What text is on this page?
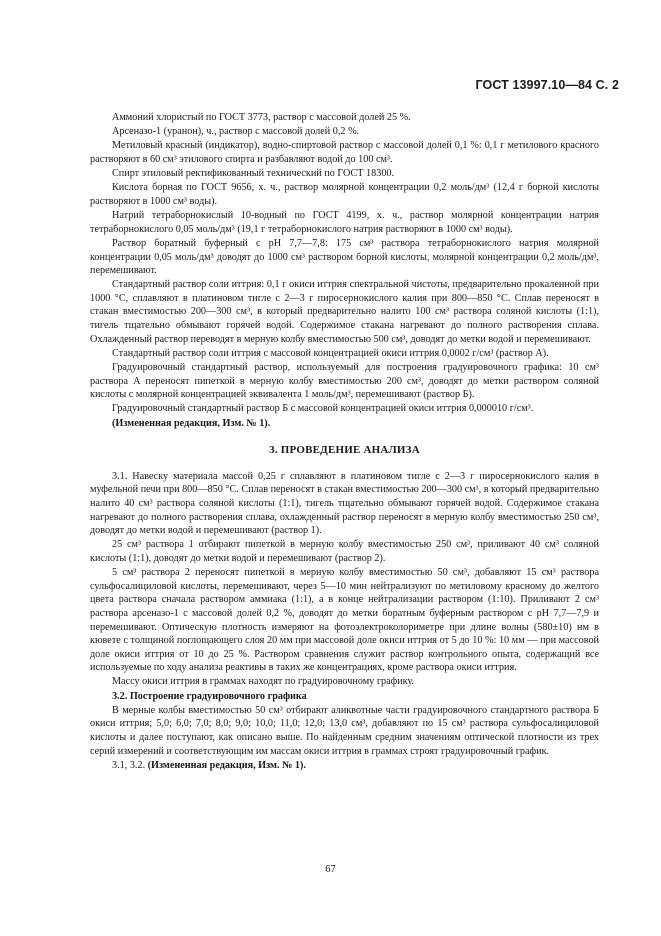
ГОСТ 13997.10—84 С. 2

Аммоний хлористый по ГОСТ 3773, раствор с массовой долей 25 %.

Арсеназо-1 (уранон), ч., раствор с массовой долей 0,2 %.

Метиловый красный (индикатор), водно-спиртовой раствор с массовой долей 0,1 %: 0,1 г метилового красного растворяют в 60 см³ этилового спирта и разбавляют водой до 100 см³.

Спирт этиловый ректификованный технический по ГОСТ 18300.

Кислота борная по ГОСТ 9656, х. ч., раствор молярной концентрации 0,2 моль/дм³ (12,4 г борной кислоты растворяют в 1000 см³ воды).

Натрий тетраборнокислый 10-водный по ГОСТ 4199, х. ч., раствор молярной концентрации натрия тетраборнокислого 0,05 моль/дм³ (19,1 г тетраборнокислого натрия растворяют в 1000 см³ воды).

Раствор боратный буферный с рН 7,7—7,8: 175 см³ раствора тетраборнокислого натрия молярной концентрации 0,05 моль/дм³ доводят до 1000 см³ раствором борной кислоты, молярной концентрации 0,2 моль/дм³, перемешивают.

Стандартный раствор соли иттрия: 0,1 г окиси иттрия спектральной чистоты, предварительно прокаленной при 1000 °С, сплавляют в платиновом тигле с 2—3 г пиросернокислого калия при 800—850 °С. Сплав переносят в стакан вместимостью 200—300 см³, в который предварительно налито 100 см³ раствора соляной кислоты (1:1), тигель тщательно обмывают горячей водой. Содержимое стакана нагревают до полного растворения сплава. Охлажденный раствор переводят в мерную колбу вместимостью 500 см³, доводят до метки водой и перемешивают.

Стандартный раствор соли иттрия с массовой концентрацией окиси иттрия 0,0002 г/см³ (раствор А).

Градуировочный стандартный раствор, используемый для построения градуировочного графика: 10 см³ раствора А переносят пипеткой в мерную колбу вместимостью 200 см³, доводят до метки раствором соляной кислоты с молярной концентрацией эквивалента 1 моль/дм³, перемешивают (раствор Б).

Градуировочный стандартный раствор Б с массовой концентрацией окиси иттрия 0,000010 г/см³.

(Измененная редакция, Изм. № 1).

3. ПРОВЕДЕНИЕ АНАЛИЗА

3.1. Навеску материала массой 0,25 г сплавляют в платиновом тигле с 2—3 г пиросернокислого калия в муфельной печи при 800—850 °С. Сплав переносят в стакан вместимостью 200—300 см³, в который предварительно налито 40 см³ раствора соляной кислоты (1:1), тигель тщательно обмывают горячей водой. Содержимое стакана нагревают до полного растворения сплава, охлажденный раствор переносят в мерную колбу вместимостью 250 см³, доводят до метки водой и перемешивают (раствор 1).

25 см³ раствора 1 отбирают пипеткой в мерную колбу вместимостью 250 см³, приливают 40 см³ соляной кислоты (1:1), доводят до метки водой и перемешивают (раствор 2).

5 см³ раствора 2 переносят пипеткой в мерную колбу вместимостью 50 см³, добавляют 15 см³ раствора сульфосалициловой кислоты, перемешивают, через 5—10 мин нейтрализуют по метиловому красному до желтого цвета раствора сначала раствором аммиака (1:1), а в конце нейтрализации раствором (1:10). Приливают 2 см³ раствора арсеназо-1 с массовой долей 0,2 %, доводят до метки боратным буферным раствором с рН 7,7—7,9 и перемешивают. Оптическую плотность измеряют на фотоэлектроколориметре при длине волны (580±10) нм в кювете с толщиной поглощающего слоя 20 мм при массовой доле окиси иттрия от 5 до 10 %: 10 мм — при массовой доле окиси иттрия от 10 до 25 %. Раствором сравнения служит раствор контрольного опыта, содержащий все используемые по ходу анализа реактивы в таких же концентрациях, кроме раствора окиси иттрия.

Массу окиси иттрия в граммах находят по градуировочному графику.

3.2. Построение градуировочного графика

В мерные колбы вместимостью 50 см³ отбирают аликвотные части градуировочного стандартного раствора Б окиси иттрия; 5,0; 6,0; 7,0; 8,0; 9,0; 10,0; 11,0; 12,0; 13,0 см³, добавляют по 15 см³ раствора сульфосалициловой кислоты и далее поступают, как описано выше. По найденным средним значениям оптической плотности из трех серий измерений и соответствующим им массам окиси иттрия в граммах строят градуировочный график.

3.1, 3.2. (Измененная редакция, Изм. № 1).

67
